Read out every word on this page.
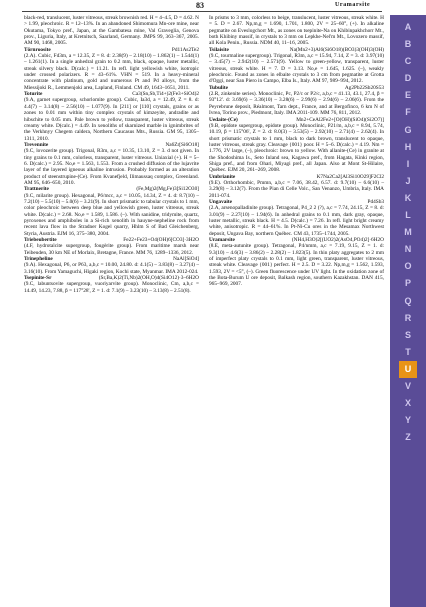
83	Uramarsite

black-red, translucent, luster vitreous, streak brownish red. H = 4–4.5, D = 4.62. N > 1.99, pleochroic. R = 12–13%. In an abandoned Shimomura Mn-ore mine, near Okutama, Tokyo pref., Japan, at the Gambatesa mine, Val Graveglia, Genova prov., Liguria, Italy, at Kretnitsch, Saarland, Germany. JMPS 99, 363–367, 2005. AM 90, 1468, 2005.

Pd11As2Te2
Törnroosite
(2.A). Cubic, Fd3m, a = 12.35, Z = 8. d: 2.38(9) – 2.18(10) – 1.862(1) – 1.544(1) – 1.261(1). In a single anhedral grain to 0.2 mm, black, opaque, luster metallic, streak silvery black. D(calc.) = 11.21. In refl. light yellowish white, isotropic under crossed polarizers. R = 43–61%. VHN = 519. In a heavy-mineral concentrate with platinum, gold and numerous Pt and Pd alloys, from the Miessijoki R., Lemmenjoki area, Lapland, Finland. CM 49, 1643–1651, 2011.

Ca3(Sn,Sb,Ti4+)2(Fe3+SiO4)2
Toturite
(9.A, garnet supergroup, schorlomite group). Cubic, Ia3d, a = 12.49, Z = 8. d: 4.4(7) – 3.14(8) – 2.56(10) – 1.077(9). In [211] or [110] crystals, grains or as zones to 0.01 mm within tiny complex crystals of kimzeyite, andradite and hibschite to 0.05 mm. Pale brown to yellow, transparent, luster vitreous, streak creamy white. D(calc.) = 4.49. In xenoliths of skarnized marble in ignimbrites of the Verkhnyy Chegem caldera, Northern Caucasus Mts., Russia. GM 95, 1305–1311, 2010.

Na6Zr[Si6O18]
Trevennite
(9.C, lovozerite group). Trigonal, R3m, a,c = 10.35, 13.10, Z = 3. d not given. In tiny grains to 0.1 mm, colorless, transparent, luster vitreous. Uniaxial (+). H = 5–6. D(calc.) = 2.95. No,e = 1.563, 1.553. From a crushed diffusion of the lujavrite layer of the layered igneous alkaline intrusion. Probably formed as an alteration product of steenstrupine-(Ce). From Kvanefjeld, Ilimaussaq complex, Greenland. AM 95, 646–650, 2010.

(Fe,Mg)2(Mg,Fe)3[Si12O30]
Trattnerite
(9.C, milarite group). Hexagonal, P6/mcc, a,c = 10.05, 14.34, Z = 4. d: 8.7(10) – 7.2(10) – 5.5(10) – 5.0(6) – 3.21(9). In short prismatic to tabular crystals to 1 mm, color pleochroic between deep blue and yellowish green, luster vitreous, streak white. D(calc.) = 2.68. No,e = 1.589, 1.586. (–). With sanidine, tridymite, quartz, pyroxenes and amphiboles in a Si-rich xenolith in hauyne-nepheline rock from recent lava flow in the Stradner Kogel quarry, Hhlm S of Bad Gleichenberg, Styria, Austria. EJM 16, 375–380, 2004.

Fe22+Fe23+O4(OH)6[CO3]·3H2O
Triebeubertite
(4.F, hydrotalcite supergroup, fougèrite group). From maritime marsh near Teibeuden, 30 km NE of Morlaix, Bretagne, France. MM 76, 1289–1336, 2012.

NaAl[SiO4]
Trinepheline
(9.A). Hexagonal, P6, or P63, a,b,c = 10.00, 24.80. d: 4.1(5) – 3.83(8) – 3.27(4) – 3.16(10). From Yamaguchi, Higaki region, Kochi state, Myanmar. IMA 2012-024.

(Sr,Ba,K)2(Ti,Nb)2(OH,O)4(Si4O12)·3–6H2O
Tsepinite-Sr
(9.C, labuntsovite supergroup, vuoriyarvite group). Monoclinic, Cm, a,b,c = 14.49, 14.23, 7.88, β = 117°28', Z = 1. d: 7.1(9) – 3.23(10) – 3.13(8) – 2.51(8).

In prisms to 3 mm, colorless to beige, translucent, luster vitreous, streak white. H = 5. D = 2.67. Np,m,g = 1.690, 1.701, 1.800, 2V = 25–60°, (+). In alkaline pegmatite on Eveslogchorr Mt., as zones on tsepinite-Na on Khibinpakhchorr Mt., both Khibiny massif, in crystals to 3 mm on Lepkhe-Nel'm Mt., Lovozero massif, all Kola Penin., Russia. NDM 40, 11–16, 2005.

Na(Mn2+3)Al6(Si6O18)(BO3)3(OH)3(OH)
Tsilaisite
(9.C, tourmaline supergroup). Trigonal, R3m, a,c = 15.94, 7.14, Z = 3. d: 3.97(10) – 3.45(7) – 2.942(10) – 2.571(9). Yellow to green-yellow, transparent, luster vitreous, streak white. H = 7. D = 3.13. No,e = 1.645, 1.625. (–), weakly pleochroic. Found as zones in elbaite crystals to 3 cm from pegmatite at Grotta d'Oggi, near San Piero in Campo, Elba Is., Italy. AM 97, 989–994, 2012.

Ag2Pb22Sb20S53
Tubulite
(2.R, zinkenite series). Monoclinic, Pc, P2/c or P2/c, a,b,c = 41.13, 43.1, 27.4, β = 93°12'. d: 3.69(6) – 3.36(10) – 3.28(6) – 2.99(6) – 2.94(6) – 2.06(6). From the Peyrebrune deposit, Réalmont, Tarn dept., France, and at Bergofinco, 6 km N of Ivrea, Torino prov., Piedmont, Italy. IMA 2011-109. MM 76, 811, 2012.

Mn2+CeAl2Fe2+[O(OH)(SiO4)(Si2O7)]
Uedaite-(Ce)
(9.B, epidote supergroup, epidote group). Monoclinic, P21/m, a,b,c = 8.94, 5.74, 10.19, β = 115°06', Z = 2. d: 8.0(3) – 3.53(5) – 2.92(10) – 2.71(4) – 2.62(4). In short prismatic crystals to 1 mm, black to dark brown, translucent to opaque, luster vitreous, streak gray. Cleavage {001} poor. H = 5–6. D(calc.) = 4.19. Nm = 1.776, 2V large, (–), pleochroic: brown to yellow. With allanite-(Ce) in granite at the Shodoshima Is., Seto Inland sea, Kagawa pref., from Hagata, Kinki region, Shiga pref., and from Ohari, Miyagi pref., all Japan. Also at Mont St-Hilaire, Québec. EJM 20, 261–269, 2008.

K7Na2Ca2[Al3Si10O29]F2Cl2
Umbrianite
(9.E). Orthorhombic, Pmmn, a,b,c = 7.06, 38.42, 6.57. d: 9.7(10) – 6.6(10) – 3.29(8) – 3.12(7). From the Pian di Celle Volc., San Venanzo, Umbria, Italy. IMA 2011-074.

Pd4Sb3
Ungavaite
(2.A, arsenopalladinite group). Tetragonal, P4_2 2 (?), a,c = 7.74, 24.15, Z = 8. d: 3.01(9) – 2.27(10) – 1.94(6). In anhedral grains to 0.1 mm, dark gray, opaque, luster metallic, streak black. H = 4.5. D(calc.) = 7.26. In refl. light bright creamy white, anisotropic. R = 44–61%. In Pt-Ni-Cu ores in the Mesamax Northwest deposit, Ungava Bay, northern Québec. CM 43, 1735–1744, 2005.

(NH4,H3O)2[(UO2)2(AsO4,PO4)2]·6H2O
Uramarsite
(8.E, meta-autunite group). Tetragonal, P4/nmm, a,c = 7.19, 9.15, Z = 1. d: 9.3(10) – 4.6(3) – 3.86(2) – 2.28(2) – 1.823(5). In thin platy aggregates to 2 mm of imperfect platy crystals to 0.1 mm, light green, transparent, luster vitreous, streak white. Cleavage {001} perfect. H = 2.5. D = 3.22. Np,m,g = 1.562, 1.593, 1.593, 2V = <5°, (–). Green fluorescence under UV light. In the oxidation zone of the Bota-Burum U ore deposit, Balkash region, southern Kazakhstan. DAN 415, 965–969, 2007.

A
B
C
D
E
F
G
H
I
J
K
L
M
N
O
P
Q
R
S
T
U
V
X
Y
Z
